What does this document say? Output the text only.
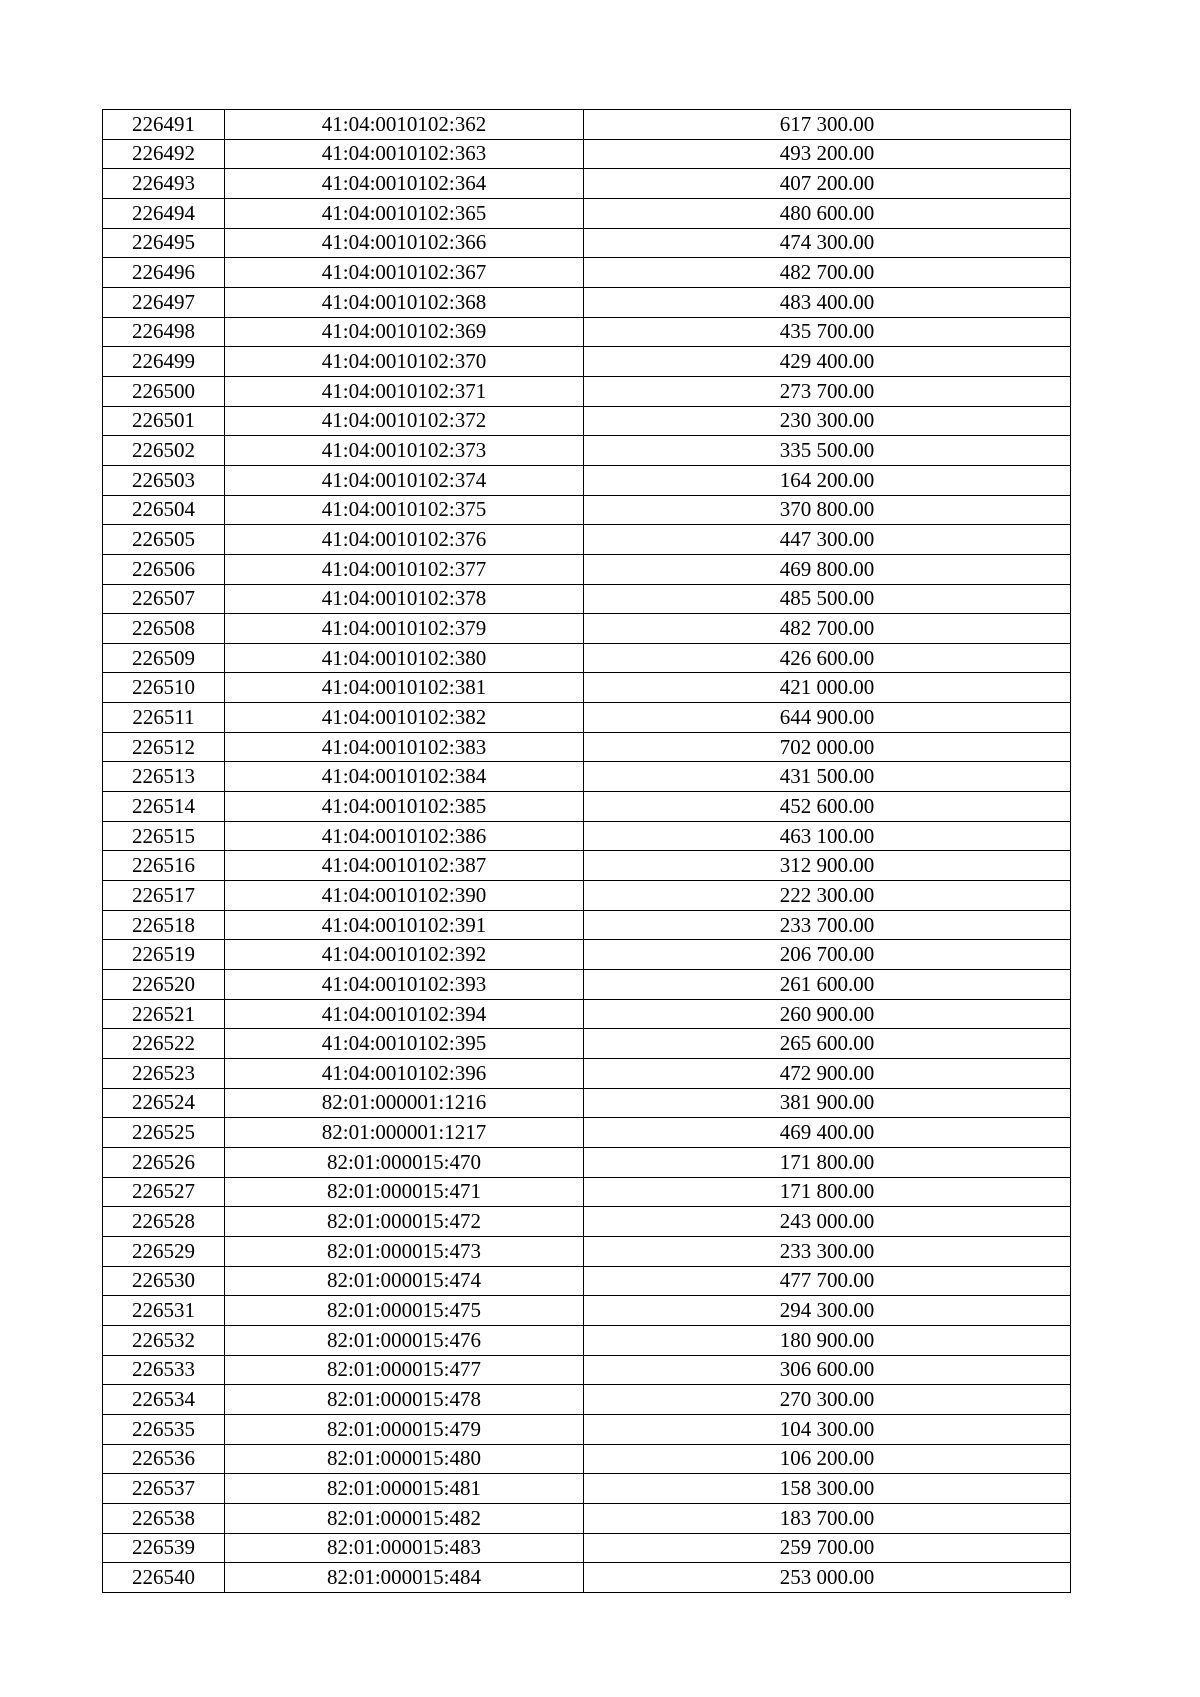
226491	41:04:0010102:362	617 300.00
226492	41:04:0010102:363	493 200.00
226493	41:04:0010102:364	407 200.00
226494	41:04:0010102:365	480 600.00
226495	41:04:0010102:366	474 300.00
226496	41:04:0010102:367	482 700.00
226497	41:04:0010102:368	483 400.00
226498	41:04:0010102:369	435 700.00
226499	41:04:0010102:370	429 400.00
226500	41:04:0010102:371	273 700.00
226501	41:04:0010102:372	230 300.00
226502	41:04:0010102:373	335 500.00
226503	41:04:0010102:374	164 200.00
226504	41:04:0010102:375	370 800.00
226505	41:04:0010102:376	447 300.00
226506	41:04:0010102:377	469 800.00
226507	41:04:0010102:378	485 500.00
226508	41:04:0010102:379	482 700.00
226509	41:04:0010102:380	426 600.00
226510	41:04:0010102:381	421 000.00
226511	41:04:0010102:382	644 900.00
226512	41:04:0010102:383	702 000.00
226513	41:04:0010102:384	431 500.00
226514	41:04:0010102:385	452 600.00
226515	41:04:0010102:386	463 100.00
226516	41:04:0010102:387	312 900.00
226517	41:04:0010102:390	222 300.00
226518	41:04:0010102:391	233 700.00
226519	41:04:0010102:392	206 700.00
226520	41:04:0010102:393	261 600.00
226521	41:04:0010102:394	260 900.00
226522	41:04:0010102:395	265 600.00
226523	41:04:0010102:396	472 900.00
226524	82:01:000001:1216	381 900.00
226525	82:01:000001:1217	469 400.00
226526	82:01:000015:470	171 800.00
226527	82:01:000015:471	171 800.00
226528	82:01:000015:472	243 000.00
226529	82:01:000015:473	233 300.00
226530	82:01:000015:474	477 700.00
226531	82:01:000015:475	294 300.00
226532	82:01:000015:476	180 900.00
226533	82:01:000015:477	306 600.00
226534	82:01:000015:478	270 300.00
226535	82:01:000015:479	104 300.00
226536	82:01:000015:480	106 200.00
226537	82:01:000015:481	158 300.00
226538	82:01:000015:482	183 700.00
226539	82:01:000015:483	259 700.00
226540	82:01:000015:484	253 000.00
